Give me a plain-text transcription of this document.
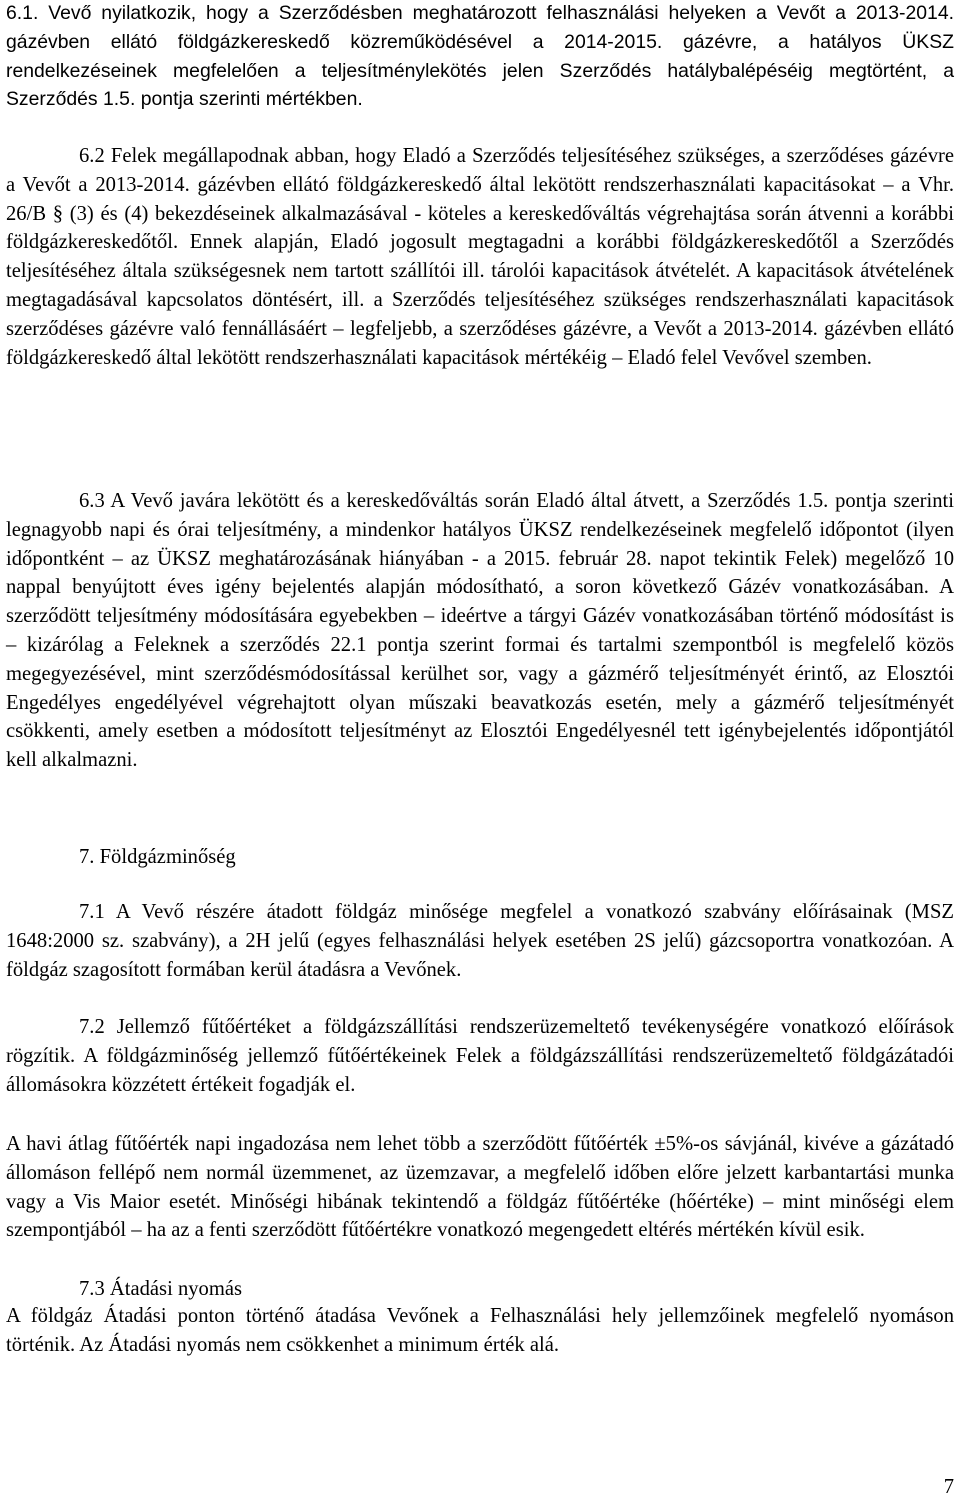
6.1. Vevő nyilatkozik, hogy a Szerződésben meghatározott felhasználási helyeken a Vevőt a 2013-2014. gázévben ellátó földgázkereskedő közreműködésével a 2014-2015. gázévre, a hatályos ÜKSZ rendelkezéseinek megfelelően a teljesítménylekötés jelen Szerződés hatálybalépéséig megtörtént, a Szerződés 1.5. pontja szerinti mértékben.

6.2 Felek megállapodnak abban, hogy Eladó a Szerződés teljesítéséhez szükséges, a szerződéses gázévre a Vevőt a 2013-2014. gázévben ellátó földgázkereskedő által lekötött rendszerhasználati kapacitásokat – a Vhr. 26/B § (3) és (4) bekezdéseinek alkalmazásával - köteles a kereskedőváltás végrehajtása során átvenni a korábbi földgázkereskedőtől. Ennek alapján, Eladó jogosult megtagadni a korábbi földgázkereskedőtől a Szerződés teljesítéséhez általa szükségesnek nem tartott szállítói ill. tárolói kapacitások átvételét. A kapacitások átvételének megtagadásával kapcsolatos döntésért, ill. a Szerződés teljesítéséhez szükséges rendszerhasználati kapacitások szerződéses gázévre való fennállásáért – legfeljebb, a szerződéses gázévre, a Vevőt a 2013-2014. gázévben ellátó földgázkereskedő által lekötött rendszerhasználati kapacitások mértékéig – Eladó felel Vevővel szemben.

6.3 A Vevő javára lekötött és a kereskedőváltás során Eladó által átvett, a Szerződés 1.5. pontja szerinti legnagyobb napi és órai teljesítmény, a mindenkor hatályos ÜKSZ rendelkezéseinek megfelelő időpontot (ilyen időpontként – az ÜKSZ meghatározásának hiányában - a 2015. február 28. napot tekintik Felek) megelőző 10 nappal benyújtott éves igény bejelentés alapján módosítható, a soron következő Gázév vonatkozásában. A szerződött teljesítmény módosítására egyebekben – ideértve a tárgyi Gázév vonatkozásában történő módosítást is – kizárólag a Feleknek a szerződés 22.1 pontja szerint formai és tartalmi szempontból is megfelelő közös megegyezésével, mint szerződésmódosítással kerülhet sor, vagy a gázmérő teljesítményét érintő, az Elosztói Engedélyes engedélyével végrehajtott olyan műszaki beavatkozás esetén, mely a gázmérő teljesítményét csökkenti, amely esetben a módosított teljesítményt az Elosztói Engedélyesnél tett igénybejelentés időpontjától kell alkalmazni.

7. Földgázminőség

7.1 A Vevő részére átadott földgáz minősége megfelel a vonatkozó szabvány előírásainak (MSZ 1648:2000 sz. szabvány), a 2H jelű (egyes felhasználási helyek esetében 2S jelű) gázcsoportra vonatkozóan. A földgáz szagosított formában kerül átadásra a Vevőnek.

7.2 Jellemző fűtőértéket a földgázszállítási rendszerüzemeltető tevékenységére vonatkozó előírások rögzítik. A földgázminőség jellemző fűtőértékeinek Felek a földgázszállítási rendszerüzemeltető földgázátadói állomásokra közzétett értékeit fogadják el.

A havi átlag fűtőérték napi ingadozása nem lehet több a szerződött fűtőérték ±5%-os sávjánál, kivéve a gázátadó állomáson fellépő nem normál üzemmenet, az üzemzavar, a megfelelő időben előre jelzett karbantartási munka vagy a Vis Maior esetét. Minőségi hibának tekintendő a földgáz fűtőértéke (hőértéke) – mint minőségi elem szempontjából – ha az a fenti szerződött fűtőértékre vonatkozó megengedett eltérés mértékén kívül esik.

7.3 Átadási nyomás

A földgáz Átadási ponton történő átadása Vevőnek a Felhasználási hely jellemzőinek megfelelő nyomáson történik. Az Átadási nyomás nem csökkenhet a minimum érték alá.

7
